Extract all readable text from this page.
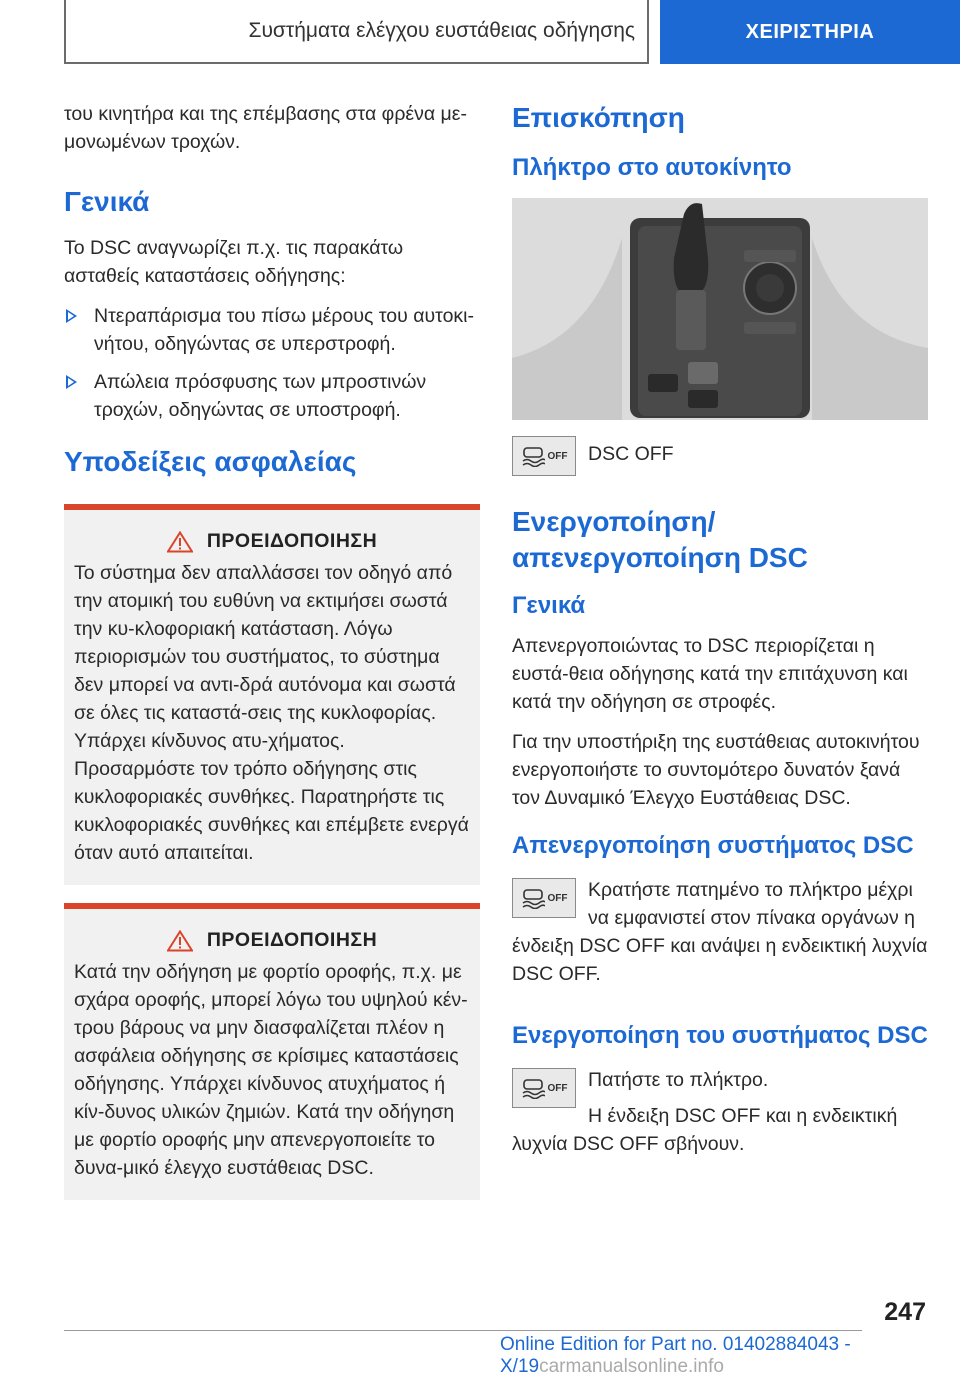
Συστήματα ελέγχου ευστάθειας οδήγησης	ΧΕΙΡΙΣΤΗΡΙΑ

του κινητήρα και της επέμβασης στα φρένα με-μονωμένων τροχών.

Γενικά

Το DSC αναγνωρίζει π.χ. τις παρακάτω ασταθείς καταστάσεις οδήγησης:

Ντεραπάρισμα του πίσω μέρους του αυτοκι-νήτου, οδηγώντας σε υπερστροφή.
Απώλεια πρόσφυσης των μπροστινών τροχών, οδηγώντας σε υποστροφή.
Υποδείξεις ασφαλείας
ΠΡΟΕΙΔΟΠΟΙΗΣΗ

Το σύστημα δεν απαλλάσσει τον οδηγό από την ατομική του ευθύνη να εκτιμήσει σωστά την κυ-κλοφοριακή κατάσταση. Λόγω περιορισμών του συστήματος, το σύστημα δεν μπορεί να αντι-δρά αυτόνομα και σωστά σε όλες τις καταστά-σεις της κυκλοφορίας. Υπάρχει κίνδυνος ατυ-χήματος. Προσαρμόστε τον τρόπο οδήγησης στις κυκλοφοριακές συνθήκες. Παρατηρήστε τις κυκλοφοριακές συνθήκες και επέμβετε ενεργά όταν αυτό απαιτείται.

ΠΡΟΕΙΔΟΠΟΙΗΣΗ

Κατά την οδήγηση με φορτίο οροφής, π.χ. με σχάρα οροφής, μπορεί λόγω του υψηλού κέν-τρου βάρους να μην διασφαλίζεται πλέον η ασφάλεια οδήγησης σε κρίσιμες καταστάσεις οδήγησης. Υπάρχει κίνδυνος ατυχήματος ή κίν-δυνος υλικών ζημιών. Κατά την οδήγηση με φορτίο οροφής μην απενεργοποιείτε το δυνα-μικό έλεγχο ευστάθειας DSC.

Επισκόπηση
Πλήκτρο στο αυτοκίνητο
OFF DSC OFF

Ενεργοποίηση/απενεργοποίηση DSC
Γενικά

Απενεργοποιώντας το DSC περιορίζεται η ευστά-θεια οδήγησης κατά την επιτάχυνση και κατά την οδήγηση σε στροφές.

Για την υποστήριξη της ευστάθειας αυτοκινήτου ενεργοποιήστε το συντομότερο δυνατόν ξανά τον Δυναμικό Έλεγχο Ευστάθειας DSC.

Απενεργοποίηση συστήματος DSC
OFF	Κρατήστε πατημένο το πλήκτρο μέχρι να εμφανιστεί στον πίνακα οργάνων η ένδειξη DSC OFF και ανάψει η ενδεικτική λυχνία DSC OFF.

Ενεργοποίηση του συστήματος DSC
OFF	Πατήστε το πλήκτρο.

Η ένδειξη DSC OFF και η ενδεικτική λυχνία DSC OFF σβήνουν.

247
Online Edition for Part no. 01402884043 - X/19carmanualsonline.info
